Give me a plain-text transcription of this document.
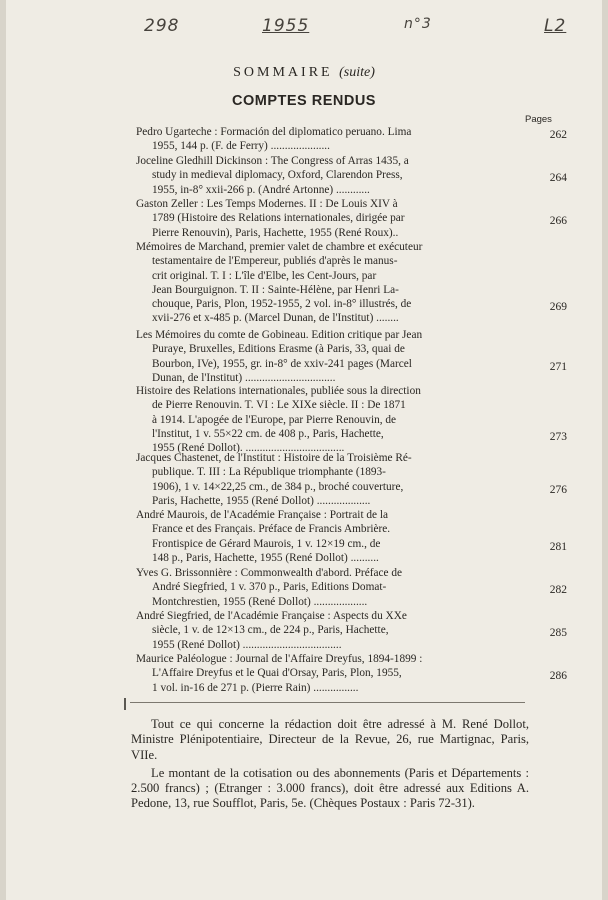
298	1955	n°3	L2
SOMMAIRE (suite)
COMPTES RENDUS
Pages
Pedro Ugarteche : Formación del diplomatico peruano. Lima
1955, 144 p. (F. de Ferry) .....................
262
Joceline Gledhill Dickinson : The Congress of Arras 1435, a
study in medieval diplomacy, Oxford, Clarendon Press,
1955, in-8° xxii-266 p. (André Artonne) ............
264
Gaston Zeller : Les Temps Modernes. II : De Louis XIV à
1789 (Histoire des Relations internationales, dirigée par
Pierre Renouvin), Paris, Hachette, 1955 (René Roux)..
266
Mémoires de Marchand, premier valet de chambre et exécuteur
testamentaire de l'Empereur, publiés d'après le manus-
crit original. T. I : L'île d'Elbe, les Cent-Jours, par
Jean Bourguignon. T. II : Sainte-Hélène, par Henri La-
chouque, Paris, Plon, 1952-1955, 2 vol. in-8° illustrés, de
xvii-276 et x-485 p. (Marcel Dunan, de l'Institut) ........
269
Les Mémoires du comte de Gobineau. Edition critique par Jean
Puraye, Bruxelles, Editions Erasme (à Paris, 33, quai de
Bourbon, IVe), 1955, gr. in-8° de xxiv-241 pages (Marcel
Dunan, de l'Institut) ................................
271
Histoire des Relations internationales, publiée sous la direction
de Pierre Renouvin. T. VI : Le XIXe siècle. II : De 1871
à 1914. L'apogée de l'Europe, par Pierre Renouvin, de
l'Institut, 1 v. 55×22 cm. de 408 p., Paris, Hachette,
1955 (René Dollot). ...................................
273
Jacques Chastenet, de l'Institut : Histoire de la Troisième Ré-
publique. T. III : La République triomphante (1893-
1906), 1 v. 14×22,25 cm., de 384 p., broché couverture,
Paris, Hachette, 1955 (René Dollot) ...................
276
André Maurois, de l'Académie Française : Portrait de la
France et des Français. Préface de Francis Ambrière.
Frontispice de Gérard Maurois, 1 v. 12×19 cm., de
148 p., Paris, Hachette, 1955 (René Dollot) ..........
281
Yves G. Brissonnière : Commonwealth d'abord. Préface de
André Siegfried, 1 v. 370 p., Paris, Editions Domat-
Montchrestien, 1955 (René Dollot) ...................
282
André Siegfried, de l'Académie Française : Aspects du XXe
siècle, 1 v. de 12×13 cm., de 224 p., Paris, Hachette,
1955 (René Dollot) ...................................
285
Maurice Paléologue : Journal de l'Affaire Dreyfus, 1894-1899 :
L'Affaire Dreyfus et le Quai d'Orsay, Paris, Plon, 1955,
1 vol. in-16 de 271 p. (Pierre Rain) ................
286

Tout ce qui concerne la rédaction doit être adressé à M. René Dollot, Ministre Plénipotentiaire, Directeur de la Revue, 26, rue Martignac, Paris, VIIe.

Le montant de la cotisation ou des abonnements (Paris et Départements : 2.500 francs) ; (Etranger : 3.000 francs), doit être adressé aux Editions A. Pedone, 13, rue Soufflot, Paris, 5e. (Chèques Postaux : Paris 72-31).
